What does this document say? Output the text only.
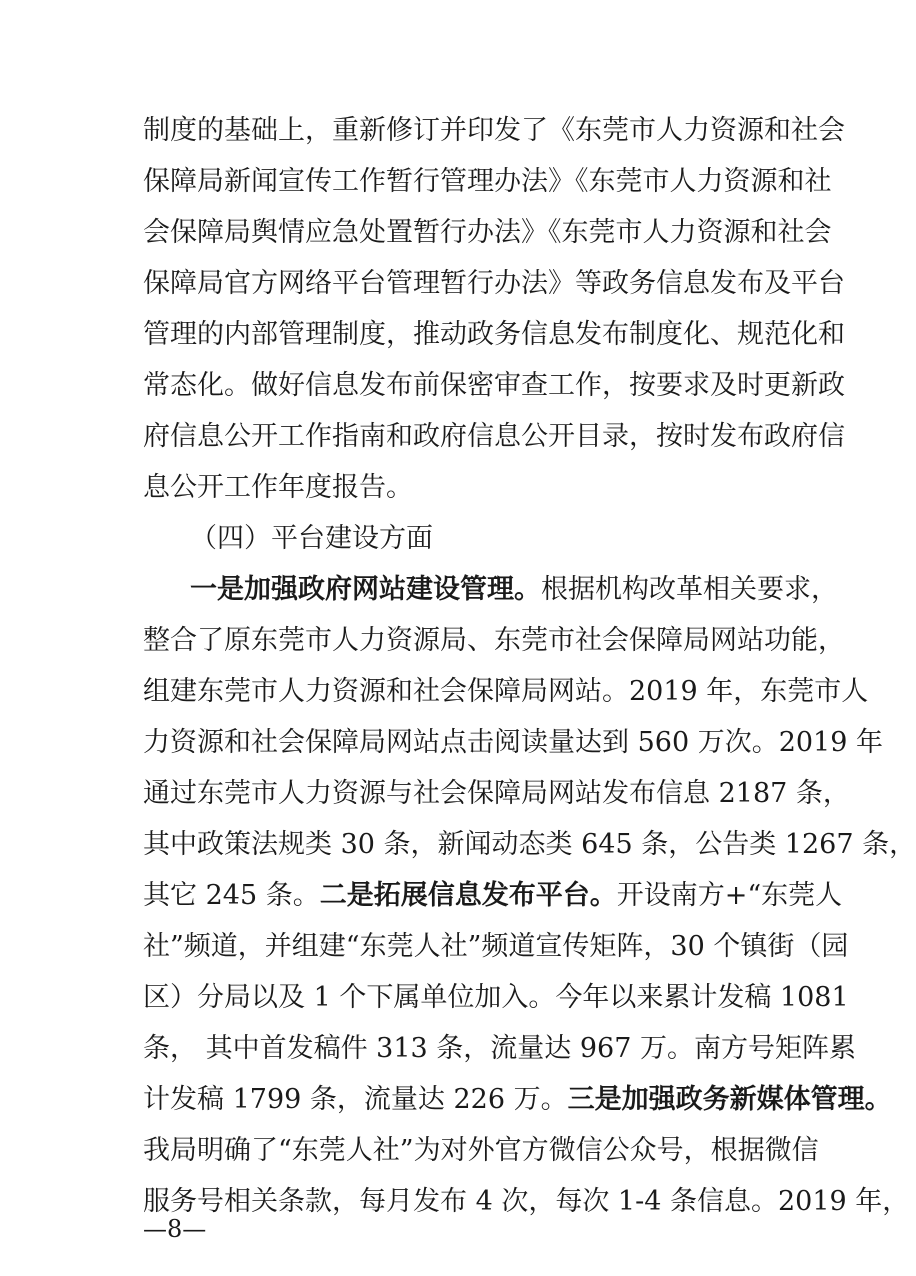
制度的基础上，重新修订并印发了《东莞市人力资源和社会
保障局新闻宣传工作暂行管理办法》《东莞市人力资源和社
会保障局舆情应急处置暂行办法》《东莞市人力资源和社会
保障局官方网络平台管理暂行办法》等政务信息发布及平台
管理的内部管理制度，推动政务信息发布制度化、规范化和
常态化。做好信息发布前保密审查工作，按要求及时更新政
府信息公开工作指南和政府信息公开目录，按时发布政府信
息公开工作年度报告。
（四）平台建设方面
一是加强政府网站建设管理。根据机构改革相关要求，
整合了原东莞市人力资源局、东莞市社会保障局网站功能，
组建东莞市人力资源和社会保障局网站。2019 年，东莞市人
力资源和社会保障局网站点击阅读量达到 560 万次。2019 年
通过东莞市人力资源与社会保障局网站发布信息 2187 条，
其中政策法规类 30 条，新闻动态类 645 条，公告类 1267 条，
其它 245 条。二是拓展信息发布平台。开设南方+“东莞人
社”频道，并组建“东莞人社”频道宣传矩阵，30 个镇街（园
区）分局以及 1 个下属单位加入。今年以来累计发稿 1081
条， 其中首发稿件 313 条，流量达 967 万。南方号矩阵累
计发稿 1799 条，流量达 226 万。三是加强政务新媒体管理。
我局明确了“东莞人社”为对外官方微信公众号，根据微信
服务号相关条款，每月发布 4 次，每次 1-4 条信息。2019 年，
—8—
